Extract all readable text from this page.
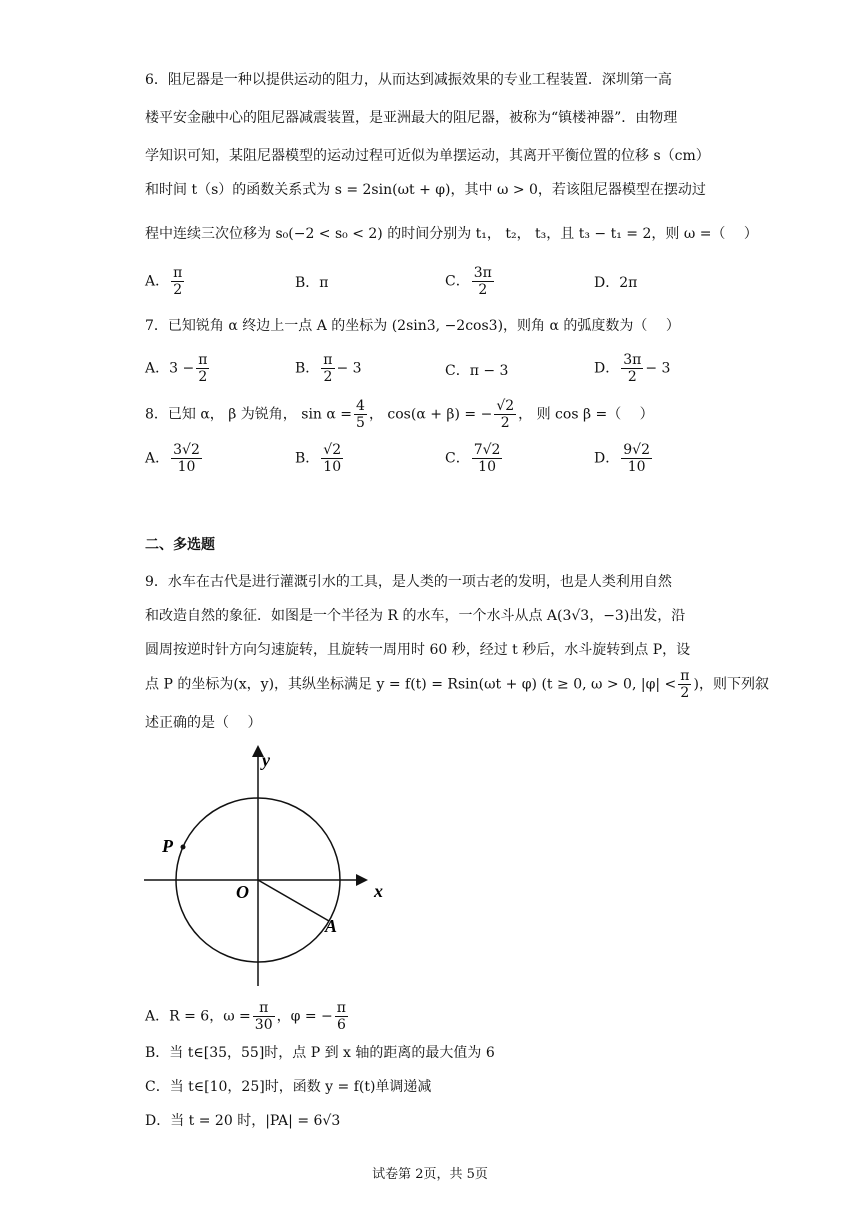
6．阻尼器是一种以提供运动的阻力，从而达到减振效果的专业工程装置．深圳第一高
楼平安金融中心的阻尼器减震装置，是亚洲最大的阻尼器，被称为“镇楼神器”．由物理
学知识可知，某阻尼器模型的运动过程可近似为单摆运动，其离开平衡位置的位移 s（cm）
和时间 t（s）的函数关系式为 s = 2sin(ωt + φ)，其中 ω > 0，若该阻尼器模型在摆动过
程中连续三次位移为 s₀(−2 < s₀ < 2) 的时间分别为 t₁， t₂， t₃，且 t₃ − t₁ = 2，则 ω =（　 ）
A． $\frac{\pi}{2}$	B．π	C． $\frac{3\pi}{2}$	D．2π
7．已知锐角 α 终边上一点 A 的坐标为 (2sin3, −2cos3)，则角 α 的弧度数为（　 ）
A．$3 - \frac{\pi}{2}$	B． $\frac{\pi}{2} - 3$	C．π − 3	D． $\frac{3\pi}{2} - 3$
8．已知 α， β 为锐角， $\sin \alpha = \frac{4}{5}$ ， cos(α + β) = − $\frac{√2}{2}$ ， 则 cos β =（　 ）
A． $\frac{3√2}{10}$	B． $\frac{√2}{10}$	C． $\frac{7√2}{10}$	D． $\frac{9√2}{10}$
二、多选题
9．水车在古代是进行灌溉引水的工具，是人类的一项古老的发明，也是人类利用自然
和改造自然的象征．如图是一个半径为 R 的水车，一个水斗从点 A(3√3，−3)出发，沿
圆周按逆时针方向匀速旋转，且旋转一周用时 60 秒，经过 t 秒后，水斗旋转到点 P，设
点 P 的坐标为(x，y)，其纵坐标满足 y = f(t) = Rsin(ωt + φ) (t ≥ 0, ω > 0, $|\varphi| < \frac{\pi}{2}$ )，则下列叙
述正确的是（　 ）
y
x
O
P
A
A．R = 6，$\omega = \frac{\pi}{30}$ ，φ = − $\frac{\pi}{6}$
B．当 t∈[35，55]时，点 P 到 x 轴的距离的最大值为 6
C．当 t∈[10，25]时，函数 y = f(t)单调递减
D．当 t = 20 时，|PA| = 6√3
试卷第 2页，共 5页
